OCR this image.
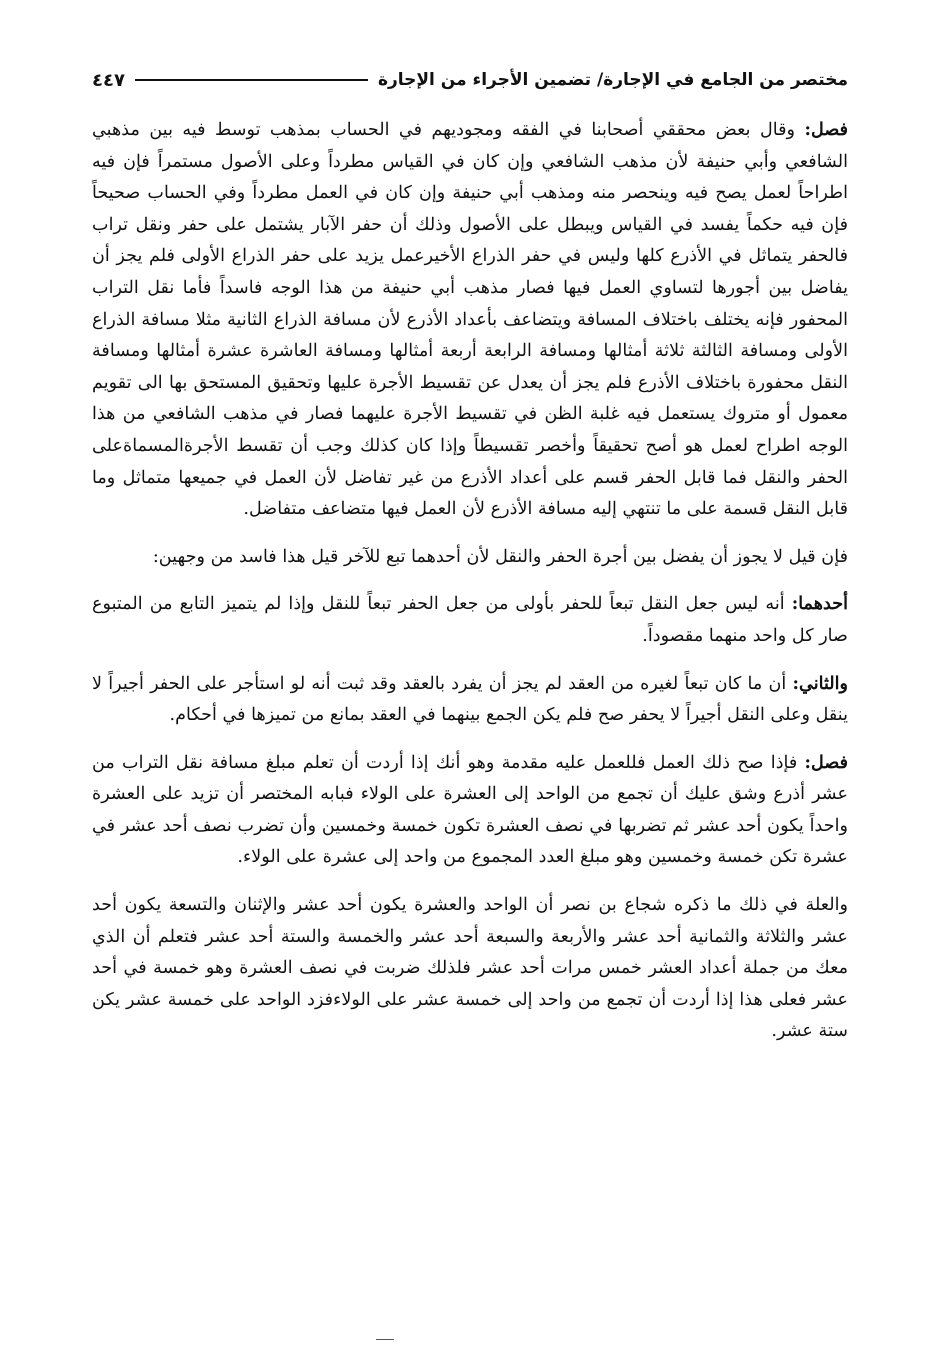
مختصر من الجامع في الإجارة/ تضمين الأجراء من الإجارة
٤٤٧

فصل: وقال بعض محققي أصحابنا في الفقه ومجوديهم في الحساب بمذهب توسط فيه بين مذهبي الشافعي وأبي حنيفة لأن مذهب الشافعي وإن كان في القياس مطرداً وعلى الأصول مستمراً فإن فيه اطراحاً لعمل يصح فيه وينحصر منه ومذهب أبي حنيفة وإن كان في العمل مطرداً وفي الحساب صحيحاً فإن فيه حكماً يفسد في القياس ويبطل على الأصول وذلك أن حفر الآبار يشتمل على حفر ونقل تراب فالحفر يتماثل في الأذرع كلها وليس في حفر الذراع الأخيرعمل يزيد على حفر الذراع الأولى فلم يجز أن يفاضل بين أجورها لتساوي العمل فيها فصار مذهب أبي حنيفة من هذا الوجه فاسداً فأما نقل التراب المحفور فإنه يختلف باختلاف المسافة ويتضاعف بأعداد الأذرع لأن مسافة الذراع الثانية مثلا مسافة الذراع الأولى ومسافة الثالثة ثلاثة أمثالها ومسافة الرابعة أربعة أمثالها ومسافة العاشرة عشرة أمثالها ومسافة النقل محفورة باختلاف الأذرع فلم يجز أن يعدل عن تقسيط الأجرة عليها وتحقيق المستحق بها الى تقويم معمول أو متروك يستعمل فيه غلبة الظن في تقسيط الأجرة عليهما فصار في مذهب الشافعي من هذا الوجه اطراح لعمل هو أصح تحقيقاً وأخصر تقسيطاً وإذا كان كذلك وجب أن تقسط الأجرةالمسماةعلى الحفر والنقل فما قابل الحفر قسم على أعداد الأذرع من غير تفاضل لأن العمل في جميعها متماثل وما قابل النقل قسمة على ما تنتهي إليه مسافة الأذرع لأن العمل فيها متضاعف متفاضل.

فإن قيل لا يجوز أن يفضل بين أجرة الحفر والنقل لأن أحدهما تبع للآخر قيل هذا فاسد من وجهين:

أحدهما: أنه ليس جعل النقل تبعاً للحفر بأولى من جعل الحفر تبعاً للنقل وإذا لم يتميز التابع من المتبوع صار كل واحد منهما مقصوداً.

والثاني: أن ما كان تبعاً لغيره من العقد لم يجز أن يفرد بالعقد وقد ثبت أنه لو استأجر على الحفر أجيراً لا ينقل وعلى النقل أجيراً لا يحفر صح فلم يكن الجمع بينهما في العقد بمانع من تميزها في أحكام.

فصل: فإذا صح ذلك العمل فللعمل عليه مقدمة وهو أنك إذا أردت أن تعلم مبلغ مسافة نقل التراب من عشر أذرع وشق عليك أن تجمع من الواحد إلى العشرة على الولاء فبابه المختصر أن تزيد على العشرة واحداً يكون أحد عشر ثم تضربها في نصف العشرة تكون خمسة وخمسين وأن تضرب نصف أحد عشر في عشرة تكن خمسة وخمسين وهو مبلغ العدد المجموع من واحد إلى عشرة على الولاء.

والعلة في ذلك ما ذكره شجاع بن نصر أن الواحد والعشرة يكون أحد عشر والإثنان والتسعة يكون أحد عشر والثلاثة والثمانية أحد عشر والأربعة والسبعة أحد عشر والخمسة والستة أحد عشر فتعلم أن الذي معك من جملة أعداد العشر خمس مرات أحد عشر فلذلك ضربت في نصف العشرة وهو خمسة في أحد عشر فعلى هذا إذا أردت أن تجمع من واحد إلى خمسة عشر على الولاءفزد الواحد على خمسة عشر يكن ستة عشر.
